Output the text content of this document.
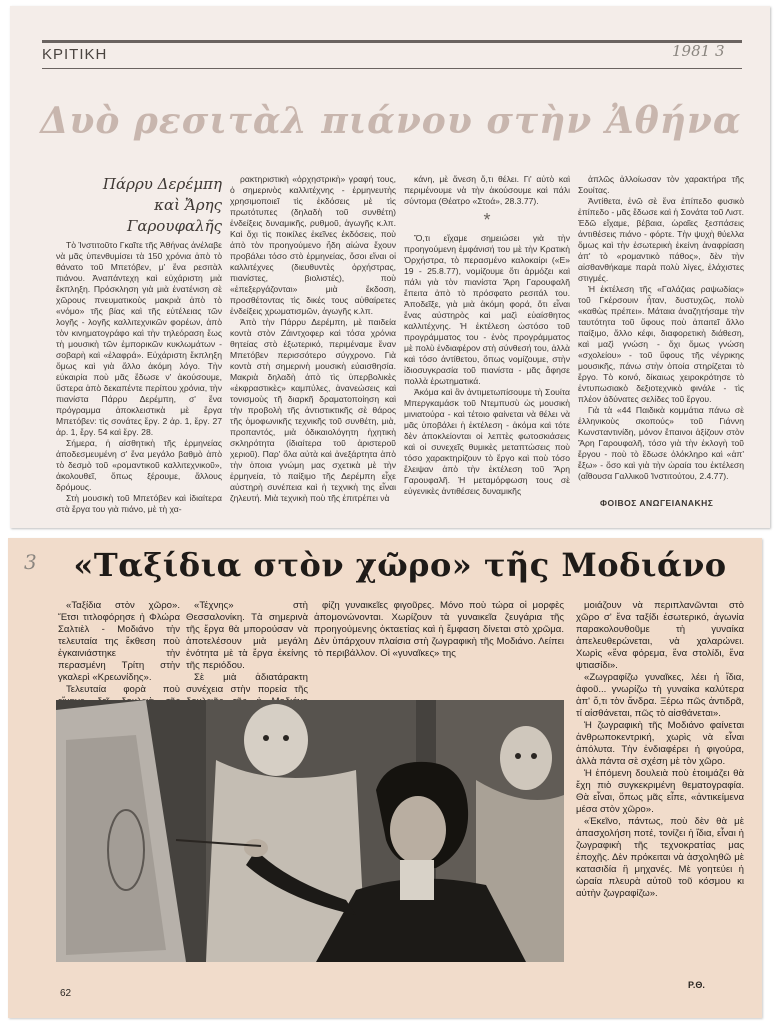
ΚΡΙΤΙΚΗ	1981 3
Δυὸ ρεσιτὰλ πιάνου στὴν Ἀθήνα
Πάρρυ Δερέμπη
καὶ Ἄρης
Γαρουφαλῆς

Τὸ Ἰνστιτοῦτο Γκαῖτε τῆς Ἀθήνας ἀνέλαβε νὰ μᾶς ὑπενθυμίσει τὰ 150 χρόνια ἀπὸ τὸ θάνατο τοῦ Μπετόβεν, μ' ἕνα ρεσιτὰλ πιάνου. Ἀναπάντεχη καὶ εὐχάριστη μιὰ ἔκπληξη. Πρόσκληση γιὰ μιὰ ἐνατένιση σὲ χῶρους πνευματικοὺς μακριὰ ἀπὸ τὸ «νόμο» τῆς βίας καὶ τῆς εὐτέλειας τῶν λογῆς - λογῆς καλλιτεχνικῶν φορέων, ἀπὸ τὸν κινηματογράφο καὶ τὴν τηλεόραση ἕως τὴ μουσικὴ τῶν ἐμπορικῶν κυκλωμάτων - σοβαρὴ καὶ «ἐλαφρά». Εὐχάριστη ἔκπληξη ὅμως καὶ γιὰ ἄλλο ἀκόμη λόγο. Τὴν εὐκαιρία ποὺ μᾶς ἔδωσε ν' ἀκούσουμε, ὕστερα ἀπὸ δεκαπέντε περίπου χρόνια, τὴν πιανίστα Πάρρυ Δερέμπη, σ' ἕνα πρόγραμμα ἀποκλειστικὰ μὲ ἔργα Μπετόβεν: τὶς σονάτες ἔργ. 2 ἀρ. 1, ἔργ. 27 ἀρ. 1, ἔργ. 54 καὶ ἔργ. 28.

Σήμερα, ἡ αἰσθητικὴ τῆς ἑρμηνείας ἀποδεσμευμένη σ' ἕνα μεγάλο βαθμὸ ἀπὸ τὸ δεσμὸ τοῦ «ρομαντικοῦ καλλιτεχνικοῦ», ἀκολουθεῖ, ὅπως ξέρουμε, ἄλλους δρόμους.

Στὴ μουσικὴ τοῦ Μπετόβεν καὶ ἰδιαίτερα στὰ ἔργα του γιὰ πιάνο, μὲ τὴ χα-

ρακτηριστικὴ «ὀρχηστρικὴ» γραφή τους, ὁ σημερινὸς καλλιτέχνης - ἑρμηνευτὴς χρησιμοποιεῖ τὶς ἐκδόσεις μὲ τὶς πρωτότυπες (δηλαδὴ τοῦ συνθέτη) ἐνδείξεις δυναμικῆς, ρυθμοῦ, ἀγωγῆς κ.λπ. Καὶ ὄχι τὶς ποικίλες ἐκεῖνες ἐκδόσεις, ποὺ ἀπὸ τὸν προηγούμενο ἤδη αἰώνα ἔχουν προβάλει τόσο στὸ ἑρμηνείας, ὅσοι εἴναι οἱ καλλιτέχνες (διευθυντὲς ὀρχήστρας, πιανίστες, βιολιστές), ποὺ «ἐπεξεργάζονται» μιὰ ἔκδοση, προσθέτοντας τὶς δικές τους αὐθαίρετες ἐνδείξεις χρωματισμῶν, ἀγωγῆς κ.λπ.

Ἀπὸ τὴν Πάρρυ Δερέμπη, μὲ παιδεία κοντὰ στὸν Ζάιντχοφερ καὶ τόσα χρόνια θητείας στὸ ἐξωτερικό, περιμέναμε ἕναν Μπετόβεν περισσότερο σύγχρονο. Γιὰ κοντὰ στὴ σημερινὴ μουσικὴ εὐαισθησία. Μακριὰ δηλαδὴ ἀπὸ τὶς ὑπερβολικὲς «ἐκφραστικὲς» καμπύλες, ἀνανεώσεις καὶ τονισμοὺς τῆ διαρκῆ δραματοποίηση καὶ τὴν προβολὴ τῆς ἀντιστικτικῆς σὲ θάρος τῆς ὁμοφωνικῆς τεχνικῆς τοῦ συνθέτη, μιὰ, προπαντός, μιὰ ὁδικαιολόγητη ἠχητικὴ σκληρότητα (ἰδιαίτερα τοῦ ἀριστεροῦ χεριοῦ). Παρ' ὅλα αὐτὰ καὶ ἀνεξάρτητα ἀπὸ τὴν ὁποια γνώμη μας σχετικὰ μὲ τὴν ἑρμηνεία, τὸ παίξιμο τῆς Δερέμπη εἶχε αὐστηρὴ συνέπεια καὶ ἡ τεχνικὴ της εἶναι ζηλευτή. Μιὰ τεχνικὴ ποὺ τῆς ἐπιτρέπει νὰ

κάνη, μὲ ἄνεση ὅ,τι θέλει. Γι' αὐτὸ καὶ περιμένουμε νὰ τὴν ἀκούσουμε καὶ πάλι σύντομα (Θέατρο «Στοά», 28.3.77).

*

Ὅ,τι εἴχαμε σημειώσει γιὰ τὴν προηγούμενη ἐμφάνισή του μὲ τὴν Κρατικὴ Ὀρχήστρα, τὸ περασμένο καλοκαίρι («Ε» 19 - 25.8.77), νομίζουμε ὅτι ἁρμόζει καὶ πάλι γιὰ τὸν πιανίστα Ἄρη Γαρουφαλῆ ἔπειτα ἀπὸ τὸ πρόσφατο ρεσιτάλ του. Ἀποδεῖξε, γιὰ μιὰ ἀκόμη φορά, ὅτι εἶναι ἕνας αὐστηρὸς καὶ μαζὶ εὐαίσθητος καλλιτέχνης. Ἡ ἐκτέλεση ὡστόσο τοῦ προγράμματος του - ἑνὸς προγράμματος μὲ πολὺ ἐνδιαφέρον στὴ σύνθεσή του, ἀλλὰ καὶ τόσο ἀντίθετου, ὅπως νομίζουμε, στὴν ἰδιοσυγκρασία τοῦ πιανίστα - μᾶς ἄφησε πολλὰ ἐρωτηματικά.

Ἀκόμα καὶ ἂν ἀντιμετωπίσουμε τὴ Σουίτα Μπεργκαμάσκ τοῦ Ντεμπυσὺ ὡς μουσικὴ μινιατούρα - καὶ τέτοιο φαίνεται νὰ θέλει νὰ μᾶς ὑποβάλει ἡ ἐκτέλεση - ἀκόμα καὶ τότε δὲν ἀποκλείονται οἱ λεπτὲς φωτοσκιάσεις καὶ οἱ συνεχεῖς θυμικὲς μεταπτώσεις ποὺ τόσο χαρακτηρίζουν τὸ ἔργο καὶ ποὺ τόσο ἔλειψαν ἀπὸ τὴν ἐκτέλεση τοῦ Ἄρη Γαρουφαλῆ. Ἡ μεταμόρφωση τους σὲ εὐγενικὲς ἀντιθέσεις δυναμικῆς

ἁπλῶς ἀλλοίωσαν τὸν χαρακτήρα τῆς Σουίτας.

Ἀντίθετα, ἐνῶ σὲ ἕνα ἐπίπεδο φυσικὸ ἐπίπεδο - μᾶς ἔδωσε καὶ ἡ Σονάτα τοῦ Λιστ. Ἐδῶ εἴχαμε, βέβαια, ὡραῖες ξεσπάσεις ἀντιθέσεις πιάνο - φόρτε. Τὴν ψυχὴ θύελλα ὅμως καὶ τὴν ἐσωτερικὴ ἐκείνη ἀναφρίαση ἀπ' τὸ «ρομαντικὸ πάθος», δὲν τὴν αἰσθανθήκαμε παρὰ πολὺ λίγες, ἐλάχιστες στιγμές.

Ἡ ἐκτέλεση τῆς «Γαλάζιας ραψωδίας» τοῦ Γκέρσουιν ἦταν, δυστυχῶς, πολὺ «καθὼς πρέπει». Μάταια ἀναζητήσαμε τὴν ταυτότητα τοῦ ὕφους ποὺ ἀπαιτεῖ ἄλλο παίξιμο, ἄλλο κέφι, διαφορετικὴ διάθεση, καὶ μαζὶ γνώση - ὄχι ὅμως γνώση «σχολείου» - τοῦ ὕφους τῆς νέγρικης μουσικῆς, πάνω στὴν ὁποία στηρίζεται τὸ ἔργο. Τὸ κοινό, δίκαιως χειροκρότησε τὸ ἐντυπωσιακὸ δεξιοτεχνικὸ φινάλε - τὶς πλέον ἀδύνατες σελίδες τοῦ ἔργου.

Γιὰ τὰ «44 Παιδικὰ κομμάτια πάνω σὲ ἑλληνικοὺς σκοπούς» τοῦ Γιάννη Κωνσταντινίδη, μόνον ἔπαινοι ἀξίζουν στὸν Ἄρη Γαρουφαλῆ, τόσο γιὰ τὴν ἐκλογὴ τοῦ ἔργου - ποὺ τὸ ἔδωσε ὁλόκληρο καὶ «ἀπ' ἔξω» - ὅσο καὶ γιὰ τὴν ὡραία του ἐκτέλεση (αἴθουσα Γαλλικοῦ Ἰνστιτούτου, 2.4.77).

ΦΟΙΒΟΣ ΑΝΩΓΕΙΑΝΑΚΗΣ
3	«Ταξίδια στὸν χῶρο» τῆς Μοδιάνο

«Ταξίδια στὸν χῶρο». Ἔτσι τιτλοφόρησε ἡ Φλώρα Σαλτιὲλ - Μοδιάνο τὴν τελευταία της ἔκθεση ποὺ ἐγκαινιάστηκε τὴν περασμένη Τρίτη στὴν γκαλερὶ «Κρεωνίδης».

Τελευταία φορὰ ποὺ

«Τέχνης» στὴ Θεσσαλονίκη. Τὰ σημερινὰ τῆς ἔργα θὰ μπορούσαν νὰ ἀποτελέσουν μιὰ μεγάλη ἑνότητα μὲ τὰ ἔργα ἐκείνης τῆς περιόδου.

Σὲ μιὰ ἀδιατάρακτη συνέχεια στὴν πορεία τῆς

φίζη γυναικεῖες φιγοῦρες. Μόνο ποὺ τώρα οἱ μορφὲς ἀπομονώνονται. Χωρίζουν τὰ γυναικεῖα ζευγάρια τῆς προηγούμενης ὀκταετίας καὶ ἡ ἔμφαση δίνεται στὸ χρῶμα. Δὲν ὑπάρχουν πλαίσια στὴ ζωγραφικὴ τῆς Μοδιάνο. Λείπει τὸ περιβάλλον. Οἱ «γυναῖκες» της

μοιάζουν νὰ περιπλανῶνται στὸ χῶρο σ' ἕνα ταξίδι ἐσωτερικό, ἀγωνία παρακολουθοῦμε τὴ γυναίκα ἀπελευθερώνεται, νὰ χαλαρώνει. Χωρὶς «ἕνα φόρεμα, ἕνα στολίδι, ἕνα ψτιασίδι».

«Ζωγραφίζω γυναῖκες, λέει ἡ ἴδια, ἀφοῦ... γνωρίζω τὴ γυναίκα καλύτερα ἀπ' ὅ,τι τὸν ἄνδρα. Ξέρω πῶς ἀντιδρᾶ, τί αἰσθάνεται, πῶς τὸ αἰσθάνεται».

Ἡ ζωγραφικὴ τῆς Μοδιάνο φαίνεται ἀνθρωποκεντρική, χωρὶς νὰ εἶναι ἀπόλυτα. Τὴν ἐνδιαφέρει ἡ φιγούρα, ἀλλὰ πάντα σὲ σχέση μὲ τὸν χῶρο.

Ἡ ἑπόμενη δουλειὰ ποὺ ἑτοιμάζει θὰ ἔχη πιὸ συγκεκριμένη θεματογραφία. Θὰ εἶναι, ὅπως μᾶς εἶπε, «ἀντικείμενα μέσα στὸν χῶρο».

«Ἐκεῖνο, πάντως, ποὺ δὲν θὰ μὲ ἀπασχολήση ποτέ, τονίζει ἡ ἴδια, εἶναι ἡ ζωγραφικὴ τῆς τεχνοκρατίας μας ἐποχῆς. Δὲν πρόκειται νὰ ἀσχοληθῶ μὲ κατασιδία ἢ μηχανές. Μὲ γοητεύει ἡ ὡραία πλευρὰ αὐτοῦ τοῦ κόσμου κι αὐτὴν ζωγραφίζω».

Ρ.Θ.
62
